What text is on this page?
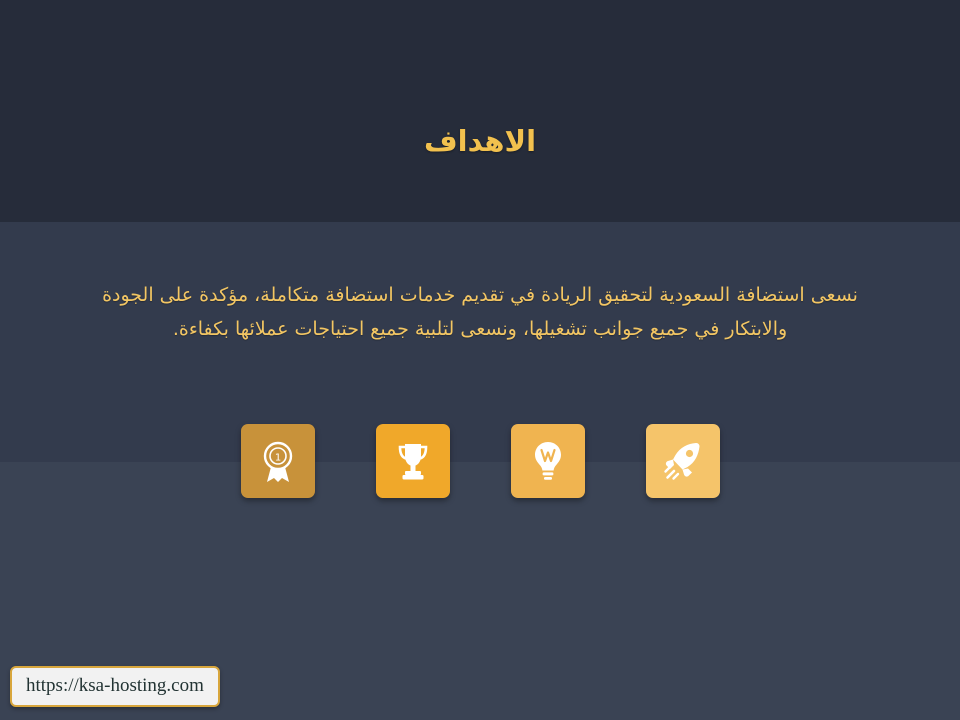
الاهداف
نسعى استضافة السعودية لتحقيق الريادة في تقديم خدمات استضافة متكاملة، مؤكدة على الجودة والابتكار في جميع جوانب تشغيلها، ونسعى لتلبية جميع احتياجات عملائها بكفاءة.
1
https://ksa-hosting.com
